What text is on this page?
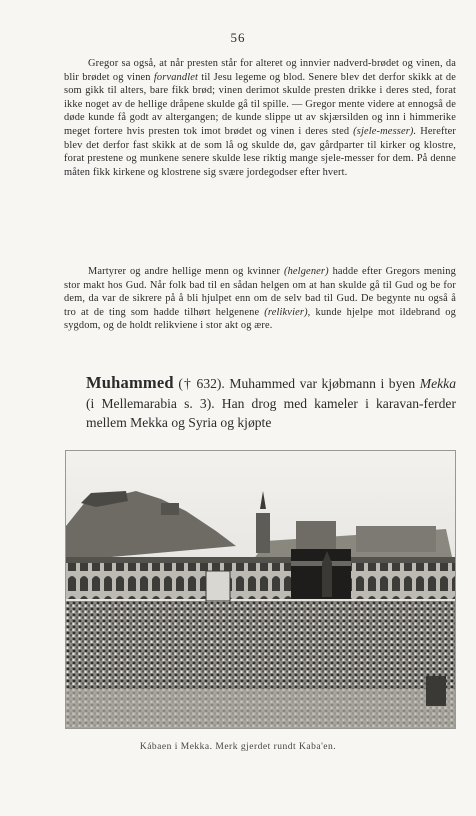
56

Gregor sa også, at når presten står for alteret og innvier nadverd-brødet og vinen, da blir brødet og vinen forvandlet til Jesu legeme og blod. Senere blev det derfor skikk at de som gikk til alters, bare fikk brød; vinen derimot skulde presten drikke i deres sted, forat ikke noget av de hellige dråpene skulde gå til spille. — Gregor mente videre at ennogså de døde kunde få godt av altergangen; de kunde slippe ut av skjærsilden og inn i himmerike meget fortere hvis presten tok imot brødet og vinen i deres sted (sjele-messer). Herefter blev det derfor fast skikk at de som lå og skulde dø, gav gårdparter til kirker og klostre, forat prestene og munkene senere skulde lese riktig mange sjele-messer for dem. På denne måten fikk kirkene og klostrene sig svære jordegodser efter hvert.

Martyrer og andre hellige menn og kvinner (helgener) hadde efter Gregors mening stor makt hos Gud. Når folk bad til en sådan helgen om at han skulde gå til Gud og be for dem, da var de sikrere på å bli hjulpet enn om de selv bad til Gud. De begynte nu også å tro at de ting som hadde tilhørt helgenene (relikvier), kunde hjelpe mot ildebrand og sygdom, og de holdt relikviene i stor akt og ære.

Muhammed († 632). Muhammed var kjøbmann i byen Mekka (i Mellemarabia s. 3). Han drog med kameler i karavan-ferder mellem Mekka og Syria og kjøpte
Kábaen i Mekka. Merk gjerdet rundt Kaba'en.
